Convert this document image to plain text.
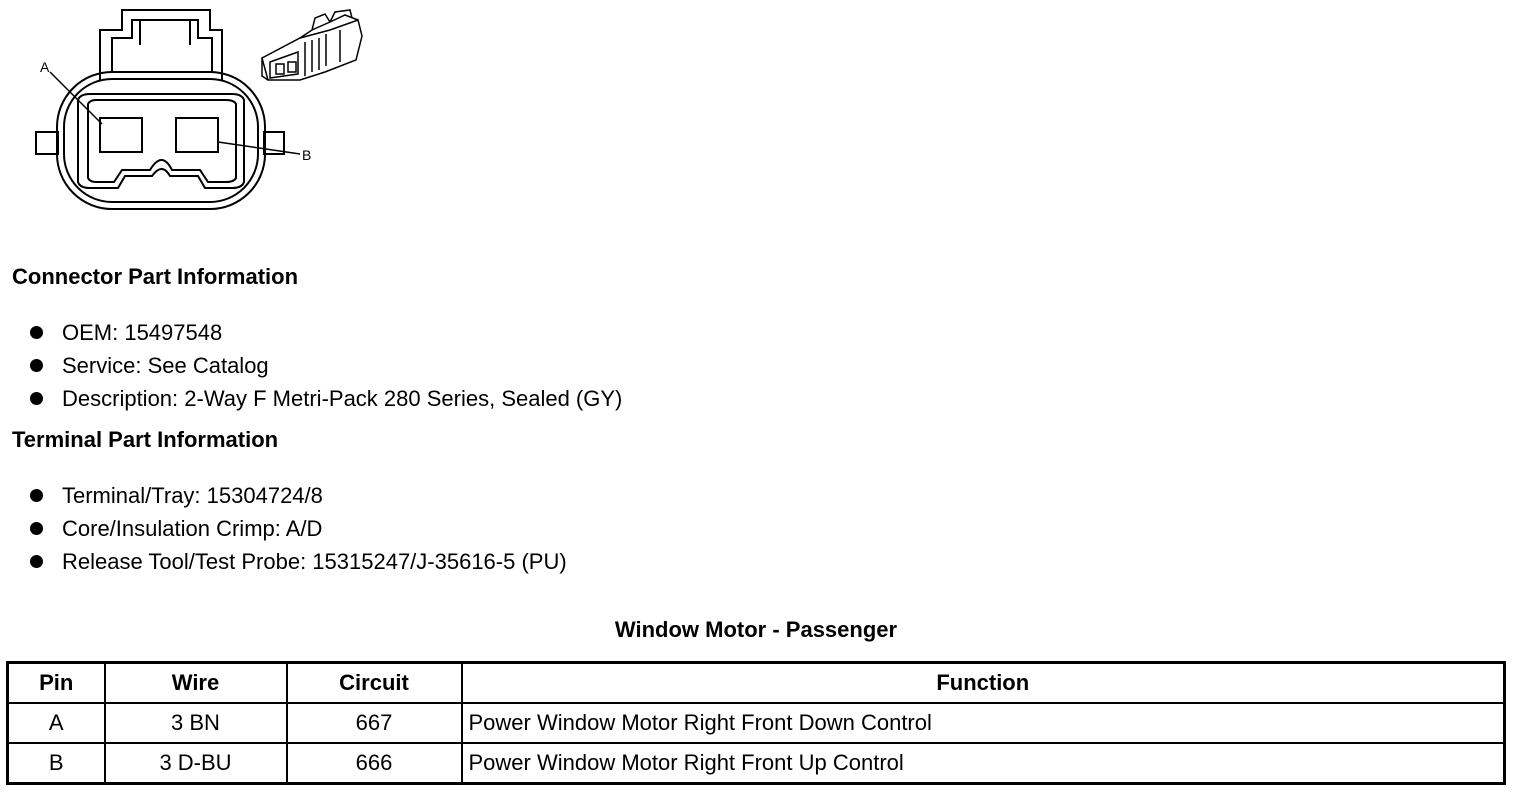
A
B
Connector Part Information
OEM: 15497548
Service: See Catalog
Description: 2-Way F Metri-Pack 280 Series, Sealed (GY)
Terminal Part Information
Terminal/Tray: 15304724/8
Core/Insulation Crimp: A/D
Release Tool/Test Probe: 15315247/J-35616-5 (PU)
Window Motor - Passenger
Pin	Wire	Circuit	Function
A	3 BN	667	Power Window Motor Right Front Down Control
B	3 D-BU	666	Power Window Motor Right Front Up Control
